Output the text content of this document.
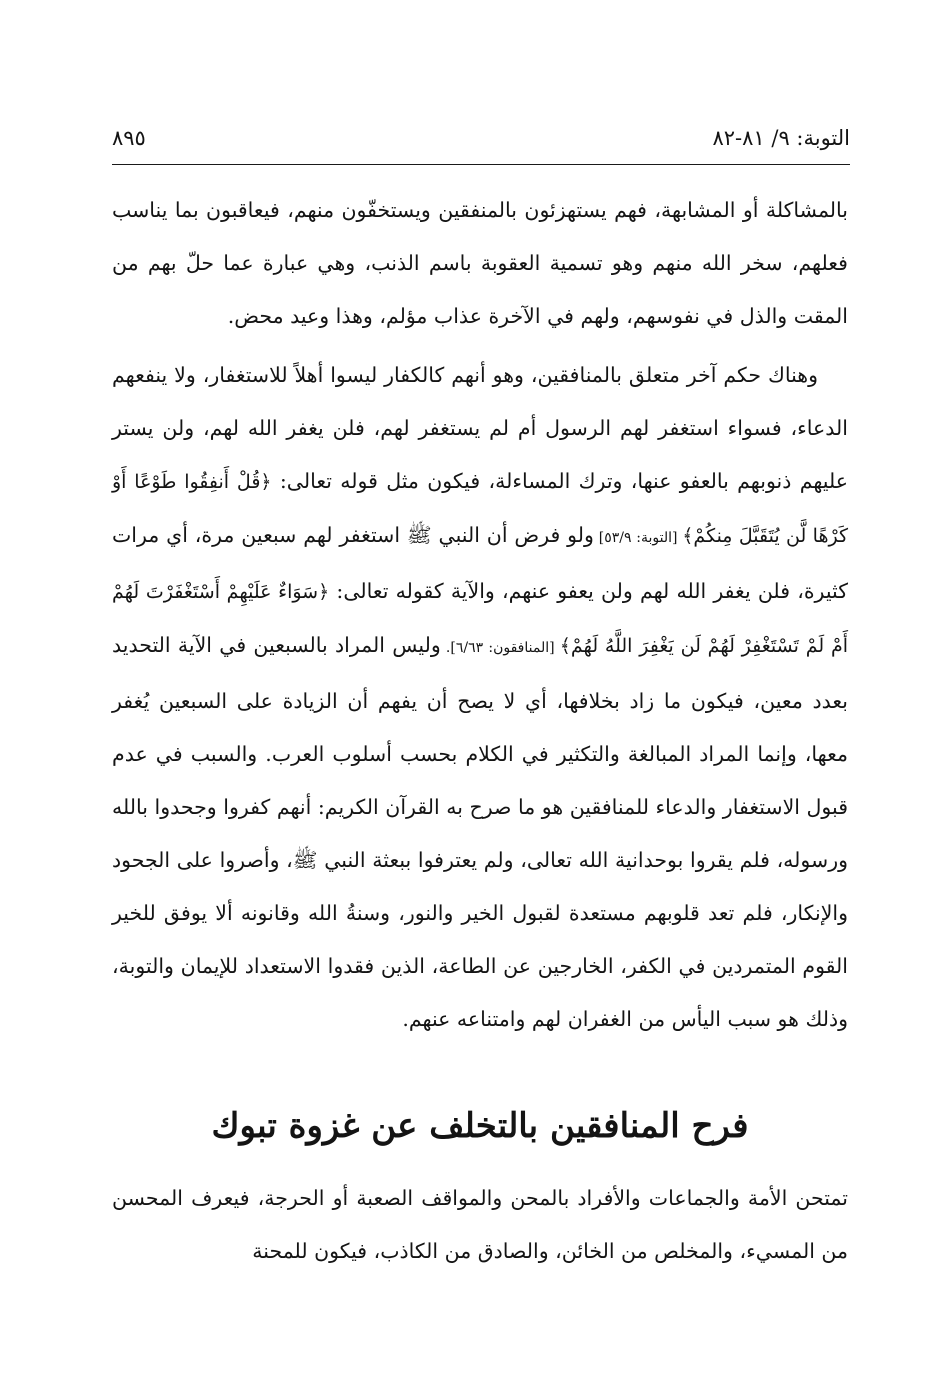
التوبة: ٩/ ٨١-٨٢
٨٩٥

بالمشاكلة أو المشابهة، فهم يستهزئون بالمنفقين ويستخفّون منهم، فيعاقبون بما يناسب فعلهم، سخر الله منهم وهو تسمية العقوبة باسم الذنب، وهي عبارة عما حلّ بهم من المقت والذل في نفوسهم، ولهم في الآخرة عذاب مؤلم، وهذا وعيد محض.

وهناك حكم آخر متعلق بالمنافقين، وهو أنهم كالكفار ليسوا أهلاً للاستغفار، ولا ينفعهم الدعاء، فسواء استغفر لهم الرسول أم لم يستغفر لهم، فلن يغفر الله لهم، ولن يستر عليهم ذنوبهم بالعفو عنها، وترك المساءلة، فيكون مثل قوله تعالى: ﴿قُلْ أَنفِقُوا طَوْعًا أَوْ كَرْهًا لَّن يُتَقَبَّلَ مِنكُمْ﴾ [التوبة: ٥٣/٩] ولو فرض أن النبي ﷺ استغفر لهم سبعين مرة، أي مرات كثيرة، فلن يغفر الله لهم ولن يعفو عنهم، والآية كقوله تعالى: ﴿سَوَاءٌ عَلَيْهِمْ أَسْتَغْفَرْتَ لَهُمْ أَمْ لَمْ تَسْتَغْفِرْ لَهُمْ لَن يَغْفِرَ اللَّهُ لَهُمْ﴾ [المنافقون: ٦/٦٣]. وليس المراد بالسبعين في الآية التحديد بعدد معين، فيكون ما زاد بخلافها، أي لا يصح أن يفهم أن الزيادة على السبعين يُغفر معها، وإنما المراد المبالغة والتكثير في الكلام بحسب أسلوب العرب. والسبب في عدم قبول الاستغفار والدعاء للمنافقين هو ما صرح به القرآن الكريم: أنهم كفروا وجحدوا بالله ورسوله، فلم يقروا بوحدانية الله تعالى، ولم يعترفوا ببعثة النبي ﷺ، وأصروا على الجحود والإنكار، فلم تعد قلوبهم مستعدة لقبول الخير والنور، وسنةُ الله وقانونه ألا يوفق للخير القوم المتمردين في الكفر، الخارجين عن الطاعة، الذين فقدوا الاستعداد للإيمان والتوبة، وذلك هو سبب اليأس من الغفران لهم وامتناعه عنهم.

فرح المنافقين بالتخلف عن غزوة تبوك

تمتحن الأمة والجماعات والأفراد بالمحن والمواقف الصعبة أو الحرجة، فيعرف المحسن من المسيء، والمخلص من الخائن، والصادق من الكاذب، فيكون للمحنة
